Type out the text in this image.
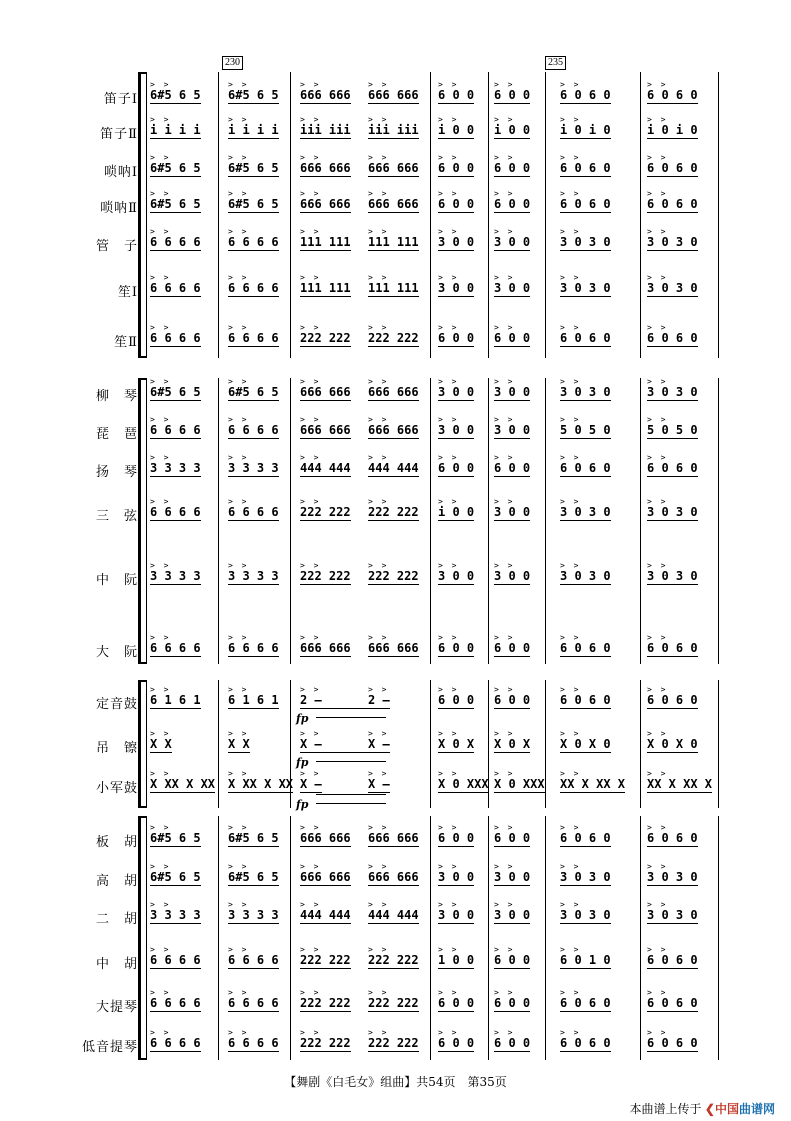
230	235
笛子Ⅰ
> >
6#5 6 5
> >
6#5 6 5
> >
666 666
> >
666 666
> >
6 0 0
> >
6 0 0
> >
6 0 6 0
> >
6 0 6 0
笛子Ⅱ
> >
i i i i
> >
i i i i
> >
iii iii
> >
iii iii
> >
i 0 0
> >
i 0 0
> >
i 0 i 0
> >
i 0 i 0
唢呐Ⅰ
> >
6#5 6 5
> >
6#5 6 5
> >
666 666
> >
666 666
> >
6 0 0
> >
6 0 0
> >
6 0 6 0
> >
6 0 6 0
唢呐Ⅱ
> >
6#5 6 5
> >
6#5 6 5
> >
666 666
> >
666 666
> >
6 0 0
> >
6 0 0
> >
6 0 6 0
> >
6 0 6 0
管　子
> >
6 6 6 6
> >
6 6 6 6
> >
111 111
> >
111 111
> >
3 0 0
> >
3 0 0
> >
3 0 3 0
> >
3 0 3 0
笙Ⅰ
> >
6 6 6 6
> >
6 6 6 6
> >
111 111
> >
111 111
> >
3 0 0
> >
3 0 0
> >
3 0 3 0
> >
3 0 3 0
笙Ⅱ
> >
6 6 6 6
> >
6 6 6 6
> >
222 222
> >
222 222
> >
6 0 0
> >
6 0 0
> >
6 0 6 0
> >
6 0 6 0
柳　琴
> >
6#5 6 5
> >
6#5 6 5
> >
666 666
> >
666 666
> >
3 0 0
> >
3 0 0
> >
3 0 3 0
> >
3 0 3 0
琵　琶
> >
6 6 6 6
> >
6 6 6 6
> >
666 666
> >
666 666
> >
3 0 0
> >
3 0 0
> >
5 0 5 0
> >
5 0 5 0
扬　琴
> >
3 3 3 3
> >
3 3 3 3
> >
444 444
> >
444 444
> >
6 0 0
> >
6 0 0
> >
6 0 6 0
> >
6 0 6 0
三　弦
> >
6 6 6 6
> >
6 6 6 6
> >
222 222
> >
222 222
> >
i 0 0
> >
3 0 0
> >
3 0 3 0
> >
3 0 3 0
中　阮
> >
3 3 3 3
> >
3 3 3 3
> >
222 222
> >
222 222
> >
3 0 0
> >
3 0 0
> >
3 0 3 0
> >
3 0 3 0
大　阮
> >
6 6 6 6
> >
6 6 6 6
> >
666 666
> >
666 666
> >
6 0 0
> >
6 0 0
> >
6 0 6 0
> >
6 0 6 0
定音鼓
> >
6 1 6 1
> >
6 1 6 1
> >
2 –
> >
2 –
> >
6 0 0
> >
6 0 0
> >
6 0 6 0
> >
6 0 6 0
吊　镲
> >
X X
> >
X X
> >
X –
> >
X –
> >
X 0 X
> >
X 0 X
> >
X 0 X 0
> >
X 0 X 0
小军鼓
> >
X XX X XX
> >
X XX X XX
> >
X –
> >
X –
> >
X 0 XXX
> >
X 0 XXX
> >
XX X XX X
> >
XX X XX X
板　胡
> >
6#5 6 5
> >
6#5 6 5
> >
666 666
> >
666 666
> >
6 0 0
> >
6 0 0
> >
6 0 6 0
> >
6 0 6 0
高　胡
> >
6#5 6 5
> >
6#5 6 5
> >
666 666
> >
666 666
> >
3 0 0
> >
3 0 0
> >
3 0 3 0
> >
3 0 3 0
二　胡
> >
3 3 3 3
> >
3 3 3 3
> >
444 444
> >
444 444
> >
3 0 0
> >
3 0 0
> >
3 0 3 0
> >
3 0 3 0
中　胡
> >
6 6 6 6
> >
6 6 6 6
> >
222 222
> >
222 222
> >
1 0 0
> >
6 0 0
> >
6 0 1 0
> >
6 0 6 0
大提琴
> >
6 6 6 6
> >
6 6 6 6
> >
222 222
> >
222 222
> >
6 0 0
> >
6 0 0
> >
6 0 6 0
> >
6 0 6 0
低音提琴
> >
6 6 6 6
> >
6 6 6 6
> >
222 222
> >
222 222
> >
6 0 0
> >
6 0 0
> >
6 0 6 0
> >
6 0 6 0
fp
fp
fp
【舞剧《白毛女》组曲】共54页　第35页
本曲谱上传于 ❮中国曲谱网
